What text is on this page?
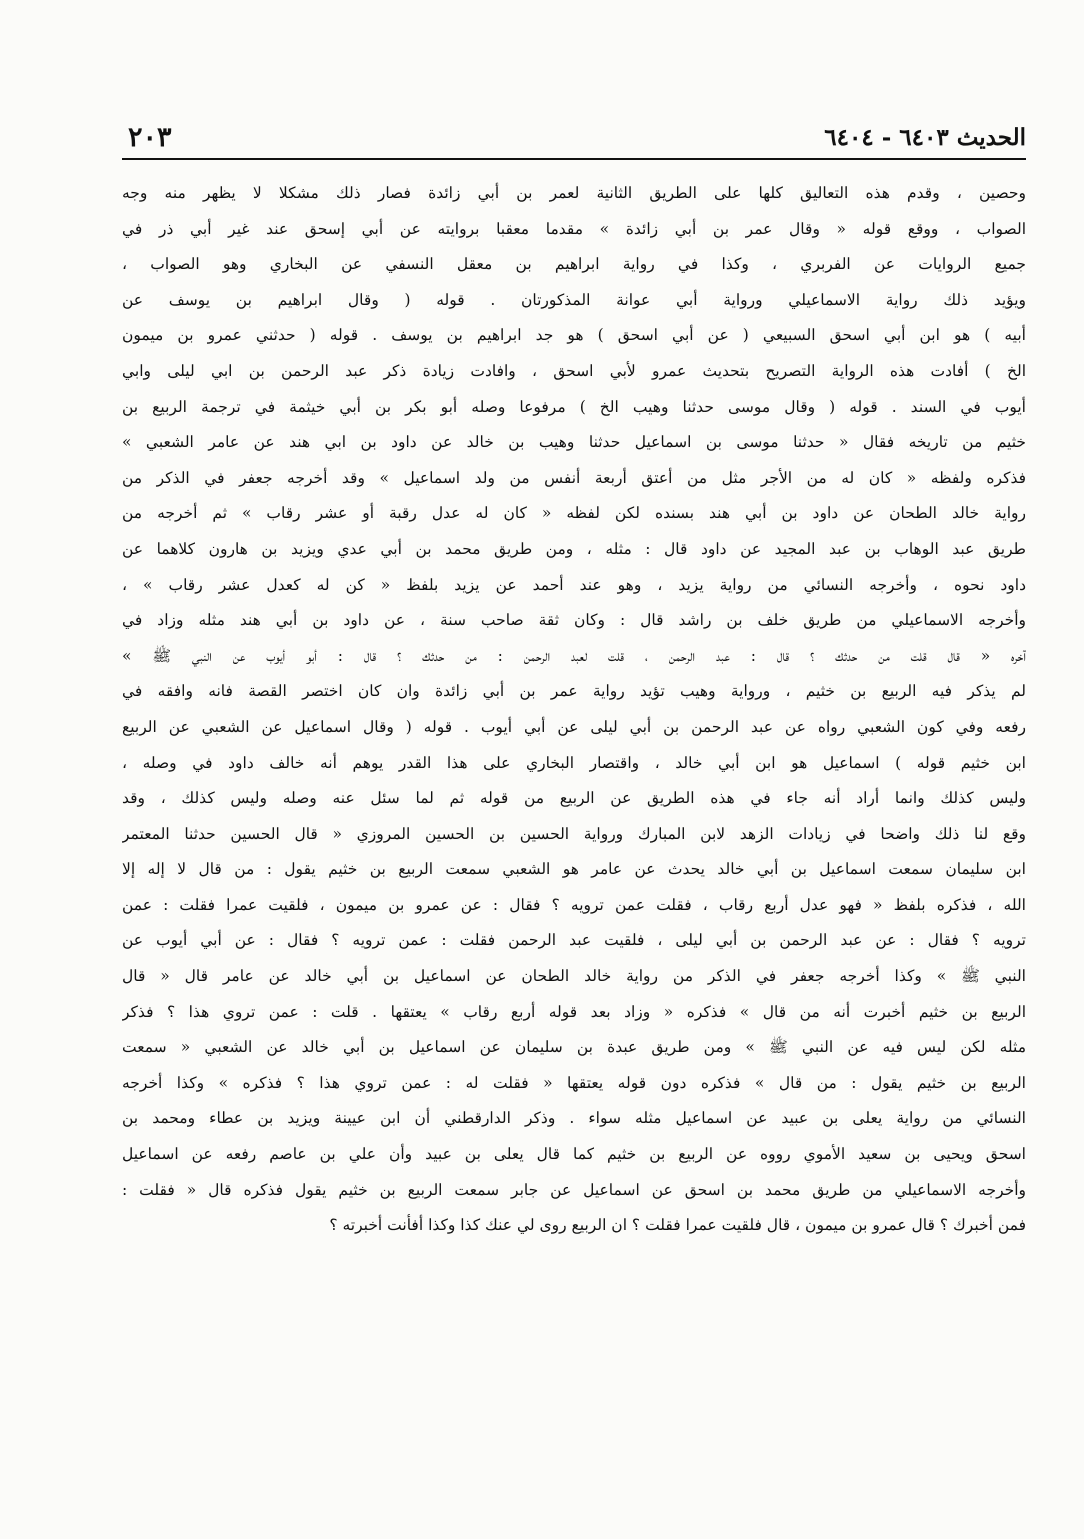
الحديث ٦٤٠٣ - ٦٤٠٤
٢٠٣
وحصين ، وقدم هذه التعاليق كلها على الطريق الثانية لعمر بن أبي زائدة فصار ذلك مشكلا لا يظهر منه وجه
الصواب ، ووقع قوله « وقال عمر بن أبي زائدة » مقدما معقبا بروايته عن أبي إسحق عند غير أبي ذر في
جميع الروايات عن الفربري ، وكذا في رواية ابراهيم بن معقل النسفي عن البخاري وهو الصواب ،
ويؤيد ذلك رواية الاسماعيلي ورواية أبي عوانة المذكورتان . قوله ( وقال ابراهيم بن يوسف عن
أبيه ) هو ابن أبي اسحق السبيعي ( عن أبي اسحق ) هو جد ابراهيم بن يوسف . قوله ( حدثني عمرو بن ميمون
الخ ) أفادت هذه الرواية التصريح بتحديث عمرو لأبي اسحق ، وافادت زيادة ذكر عبد الرحمن بن ابي ليلى وابي
أيوب في السند . قوله ( وقال موسى حدثنا وهيب الخ ) مرفوعا وصله أبو بكر بن أبي خيثمة في ترجمة الربيع بن
خثيم من تاريخه فقال « حدثنا موسى بن اسماعيل حدثنا وهيب بن خالد عن داود بن ابي هند عن عامر الشعبي »
فذكره ولفظه « كان له من الأجر مثل من أعتق أربعة أنفس من ولد اسماعيل » وقد أخرجه جعفر في الذكر من
رواية خالد الطحان عن داود بن أبي هند بسنده لكن لفظه « كان له عدل رقبة أو عشر رقاب » ثم أخرجه من
طريق عبد الوهاب بن عبد المجيد عن داود قال : مثله ، ومن طريق محمد بن أبي عدي ويزيد بن هارون كلاهما عن
داود نحوه ، وأخرجه النسائي من رواية يزيد ، وهو عند أحمد عن يزيد بلفظ « كن له كعدل عشر رقاب » ،
وأخرجه الاسماعيلي من طريق خلف بن راشد قال : وكان ثقة صاحب سنة ، عن داود بن أبي هند مثله وزاد في
آخره « قال قلت من حدثك ؟ قال : عبد الرحمن ، قلت لعبد الرحمن : من حدثك ؟ قال : أبو أيوب عن النبي ﷺ »
لم يذكر فيه الربيع بن خثيم ، ورواية وهيب تؤيد رواية عمر بن أبي زائدة وان كان اختصر القصة فانه وافقه في
رفعه وفي كون الشعبي رواه عن عبد الرحمن بن أبي ليلى عن أبي أيوب . قوله ( وقال اسماعيل عن الشعبي عن الربيع
ابن خثيم قوله ) اسماعيل هو ابن أبي خالد ، واقتصار البخاري على هذا القدر يوهم أنه خالف داود في وصله ،
وليس كذلك وانما أراد أنه جاء في هذه الطريق عن الربيع من قوله ثم لما سئل عنه وصله وليس كذلك ، وقد
وقع لنا ذلك واضحا في زيادات الزهد لابن المبارك ورواية الحسين بن الحسين المروزي « قال الحسين حدثنا المعتمر
ابن سليمان سمعت اسماعيل بن أبي خالد يحدث عن عامر هو الشعبي سمعت الربيع بن خثيم يقول : من قال لا إله إلا
الله ، فذكره بلفظ « فهو عدل أربع رقاب ، فقلت عمن ترويه ؟ فقال : عن عمرو بن ميمون ، فلقيت عمرا فقلت : عمن
ترويه ؟ فقال : عن عبد الرحمن بن أبي ليلى ، فلقيت عبد الرحمن فقلت : عمن ترويه ؟ فقال : عن أبي أيوب عن
النبي ﷺ » وكذا أخرجه جعفر في الذكر من رواية خالد الطحان عن اسماعيل بن أبي خالد عن عامر قال « قال
الربيع بن خثيم أخبرت أنه من قال » فذكره « وزاد بعد قوله أربع رقاب » يعتقها . قلت : عمن تروي هذا ؟ فذكر
مثله لكن ليس فيه عن النبي ﷺ » ومن طريق عبدة بن سليمان عن اسماعيل بن أبي خالد عن الشعبي « سمعت
الربيع بن خثيم يقول : من قال » فذكره دون قوله يعتقها « فقلت له : عمن تروي هذا ؟ فذكره » وكذا أخرجه
النسائي من رواية يعلى بن عبيد عن اسماعيل مثله سواء . وذكر الدارقطني أن ابن عيينة ويزيد بن عطاء ومحمد بن
اسحق ويحيى بن سعيد الأموي رووه عن الربيع بن خثيم كما قال يعلى بن عبيد وأن علي بن عاصم رفعه عن اسماعيل
وأخرجه الاسماعيلي من طريق محمد بن اسحق عن اسماعيل عن جابر سمعت الربيع بن خثيم يقول فذكره قال « فقلت :
فمن أخبرك ؟ قال عمرو بن ميمون ، قال فلقيت عمرا فقلت ؟ ان الربيع روى لي عنك كذا وكذا أفأنت أخبرته ؟
